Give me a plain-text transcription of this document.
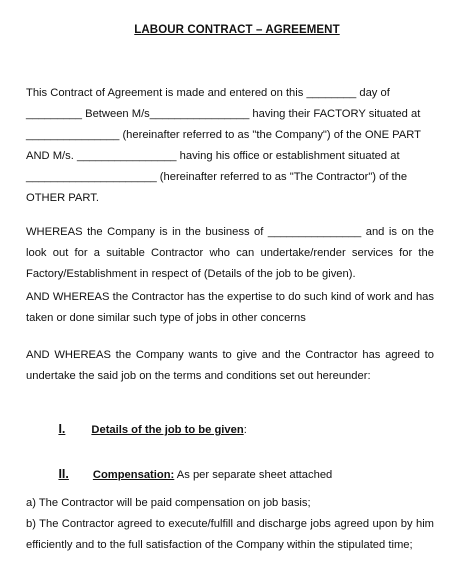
LABOUR CONTRACT – AGREEMENT
This Contract of Agreement is made and entered on this ________ day of
_________ Between M/s________________ having their FACTORY situated at
_______________ (hereinafter referred to as "the Company") of the ONE PART
AND M/s. ________________ having his office or establishment situated at
_____________________ (hereinafter referred to as "The Contractor") of the
OTHER PART.
WHEREAS the Company is in the business of _______________ and is on the
look out for a suitable Contractor who can undertake/render services for the
Factory/Establishment in respect of (Details of the job to be given).
AND WHEREAS the Contractor has the expertise to do such kind of work and has
taken or done similar such type of jobs in other concerns
AND WHEREAS the Company wants to give and the Contractor has agreed to
undertake the said job on the terms and conditions set out hereunder:

I. Details of the job to be given:

II. Compensation: As per separate sheet attached

a) The Contractor will be paid compensation on job basis;
b) The Contractor agreed to execute/fulfill and discharge jobs agreed upon by him
efficiently and to the full satisfaction of the Company within the stipulated time;
